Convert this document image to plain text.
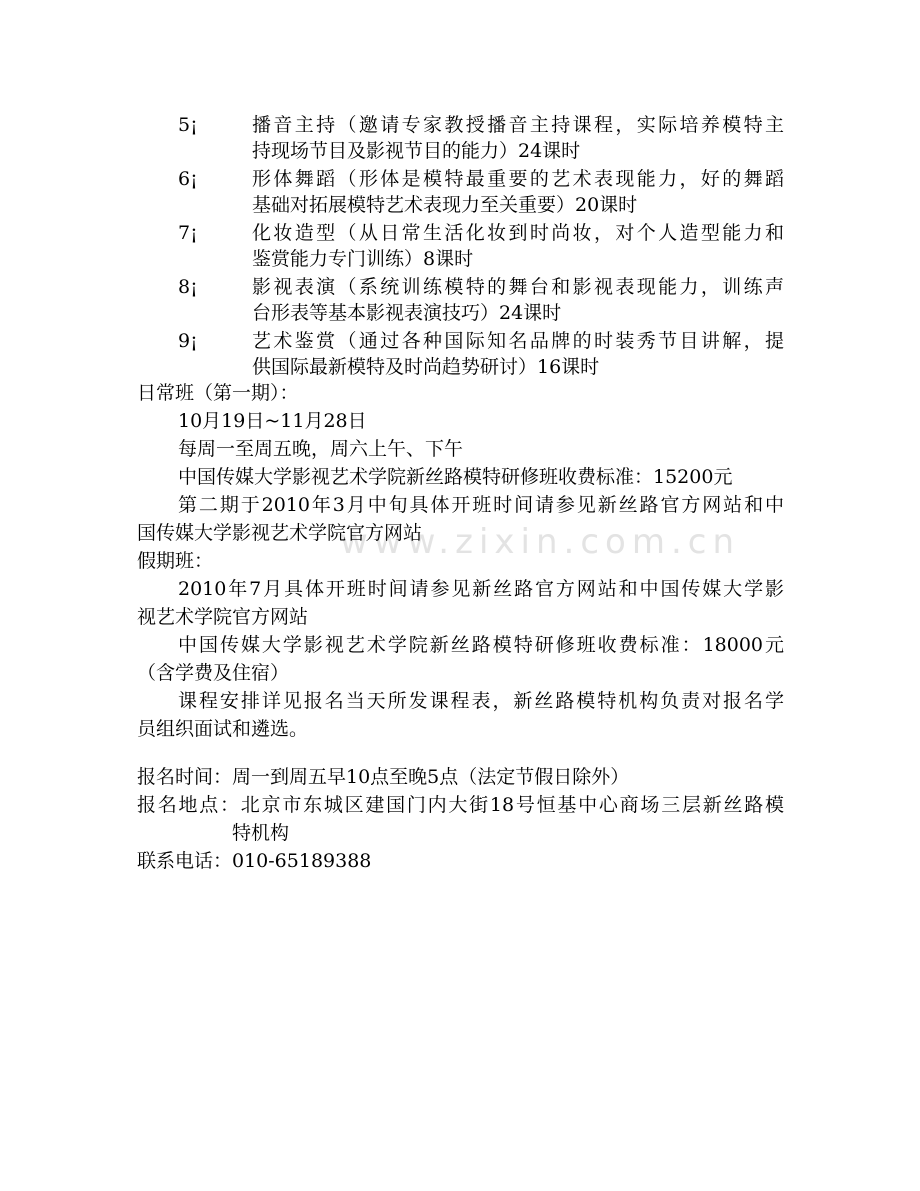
www.zixin.com.cn
5¡	播音主持（邀请专家教授播音主持课程，实际培养模特主
持现场节目及影视节目的能力）24课时
6¡	形体舞蹈（形体是模特最重要的艺术表现能力，好的舞蹈
基础对拓展模特艺术表现力至关重要）20课时
7¡	化妆造型（从日常生活化妆到时尚妆，对个人造型能力和
鉴赏能力专门训练）8课时
8¡	影视表演（系统训练模特的舞台和影视表现能力，训练声
台形表等基本影视表演技巧）24课时
9¡	艺术鉴赏（通过各种国际知名品牌的时装秀节目讲解，提
供国际最新模特及时尚趋势研讨）16课时
日常班（第一期）：
10月19日~11月28日
每周一至周五晚，周六上午、下午
中国传媒大学影视艺术学院新丝路模特研修班收费标准：15200元
第二期于2010年3月中旬具体开班时间请参见新丝路官方网站和中
国传媒大学影视艺术学院官方网站
假期班：
2010年7月具体开班时间请参见新丝路官方网站和中国传媒大学影
视艺术学院官方网站
中国传媒大学影视艺术学院新丝路模特研修班收费标准：18000元
（含学费及住宿）
课程安排详见报名当天所发课程表，新丝路模特机构负责对报名学
员组织面试和遴选。
报名时间：周一到周五早10点至晚5点（法定节假日除外）
报名地点：北京市东城区建国门内大街18号恒基中心商场三层新丝路模
特机构
联系电话：010-65189388
